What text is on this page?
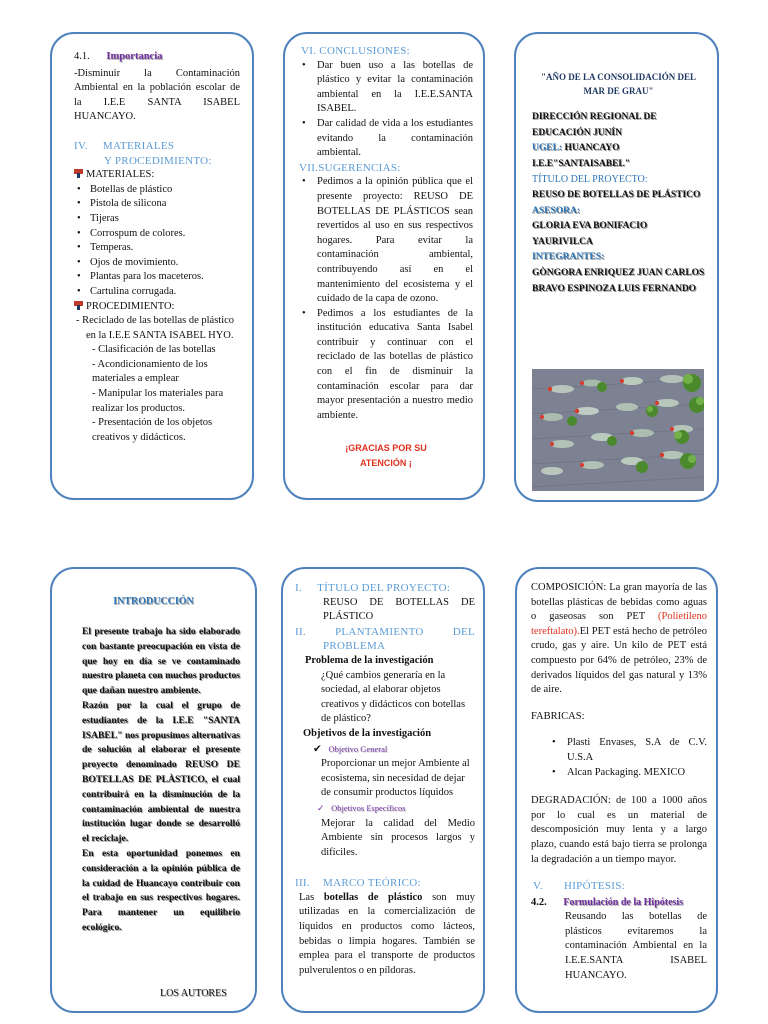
4.1. Importancia
-Disminuir la Contaminación Ambiental en la población escolar de la I.E.E SANTA ISABEL HUANCAYO.
IV. MATERIALES
Y PROCEDIMIENTO:
MATERIALES:
• Botellas de plástico
• Pistola de silicona
• Tijeras
• Corrospum de colores.
• Temperas.
• Ojos de movimiento.
• Plantas para los maceteros.
• Cartulina corrugada.
PROCEDIMIENTO:
- Reciclado de las botellas de plástico en la I.E.E SANTA ISABEL HYO.
- Clasificación de las botellas
- Acondicionamiento de los materiales a emplear
- Manipular los materiales para realizar los productos.
- Presentación de los objetos creativos y didácticos.
VI. CONCLUSIONES:
• Dar buen uso a las botellas de plástico y evitar la contaminación ambiental en la I.E.E.SANTA ISABEL.
• Dar calidad de vida a los estudiantes evitando la contaminación ambiental.
VII.SUGERENCIAS:
• Pedimos a la opinión pública que el presente proyecto: REUSO DE BOTELLAS DE PLÁSTICOS sean revertidos al uso en sus respectivos hogares. Para evitar la contaminación ambiental, contribuyendo así en el mantenimiento del ecosistema y el cuidado de la capa de ozono.
• Pedimos a los estudiantes de la institución educativa Santa Isabel contribuir y continuar con el reciclado de las botellas de plástico con el fin de disminuir la contaminación escolar para dar mayor presentación a nuestro medio ambiente.
¡GRACIAS POR SU
ATENCIÓN ¡
"AÑO DE LA CONSOLIDACIÓN DEL MAR DE GRAU"
DIRECCIÓN REGIONAL DE EDUCACIÓN JUNÍN
UGEL: HUANCAYO
I.E.E"SANTAISABEL"
TÍTULO DEL PROYECTO:
REUSO DE BOTELLAS DE PLÁSTICO
ASESORA:
GLORIA EVA BONIFACIO YAURIVILCA
INTEGRANTES:
GÒNGORA ENRIQUEZ JUAN CARLOS
BRAVO ESPINOZA LUIS FERNANDO
INTRODUCCIÓN
El presente trabajo ha sido elaborado con bastante preocupación en vista de que hoy en día se ve contaminado nuestro planeta con muchos productos que dañan nuestro ambiente.
Razón por la cual el grupo de estudiantes de la I.E.E "SANTA ISABEL" nos propusimos alternativas de solución al elaborar el presente proyecto denominado REUSO DE BOTELLAS DE PLÀSTICO, el cual contribuirá en la disminución de la contaminación ambiental de nuestra institución lugar donde se desarrolló el reciclaje.
En esta oportunidad ponemos en consideración a la opinión pública de la cuidad de Huancayo contribuir con el trabajo en sus respectivos hogares. Para mantener un equilibrio ecológico.
LOS AUTORES
I. TÍTULO DEL PROYECTO:
REUSO DE BOTELLAS DE PLÁSTICO
II.	PLANTAMIENTO	DEL
PROBLEMA
Problema de la investigación
¿Qué cambios generaría en la sociedad, al elaborar objetos creativos y didácticos con botellas de plástico?
Objetivos de la investigación
✔ Objetivo General
Proporcionar un mejor Ambiente al ecosistema, sin necesidad de dejar de consumir productos líquidos
✓ Objetivos Específicos
Mejorar la calidad del Medio Ambiente sin procesos largos y difíciles.
III. MARCO TEÓRICO:
Las botellas de plástico son muy utilizadas en la comercialización de líquidos en productos como lácteos, bebidas o limpia hogares. También se emplea para el transporte de productos pulverulentos o en píldoras.
COMPOSICIÓN: La gran mayoría de las botellas plásticas de bebidas como aguas o gaseosas son PET (Polietileno tereftalato).El PET está hecho de petróleo crudo, gas y aire. Un kilo de PET está compuesto por 64% de petróleo, 23% de derivados líquidos del gas natural y 13% de aire.
FABRICAS:
• Plasti Envases, S.A de C.V. U.S.A
• Alcan Packaging. MEXICO
DEGRADACIÓN: de 100 a 1000 años por lo cual es un material de descomposición muy lenta y a largo plazo, cuando está bajo tierra se prolonga la degradación a un tiempo mayor.
V. HIPÓTESIS:
4.2. Formulación de la Hipótesis
Reusando las botellas de plásticos evitaremos la contaminación Ambiental en la I.E.E.SANTA ISABEL HUANCAYO.
